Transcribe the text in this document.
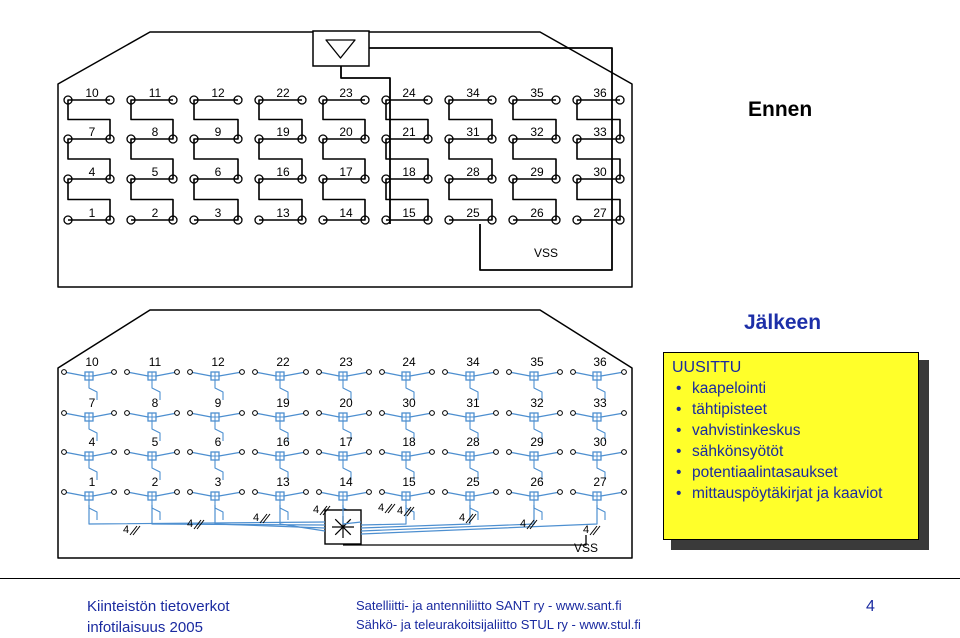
10	11	12	22	23	24	34	35	36
7	8	9	19	20	21	31	32	33
4	5	6	16	17	18	28	29	30
1	2	3	13	14	15	25	26	27
VSS
10	11	12	22	23	24	34	35	36
7	8	9	19	20	30	31	32	33
4	5	6	16	17	18	28	29	30
1	2	3	13	14	15	25	26	27
4	4	4
4	4 4
4	4	4
VSS
Ennen
Jälkeen
UUSITTU
• kaapelointi
• tähtipisteet
• vahvistinkeskus
• sähkönsyötöt
• potentiaalintasaukset
• mittauspöytäkirjat ja kaaviot
Kiinteistön tietoverkot
infotilaisuus 2005
Satelliitti- ja antenniliitto SANT ry - www.sant.fi
Sähkö- ja teleurakoitsijaliitto STUL ry - www.stul.fi
4
